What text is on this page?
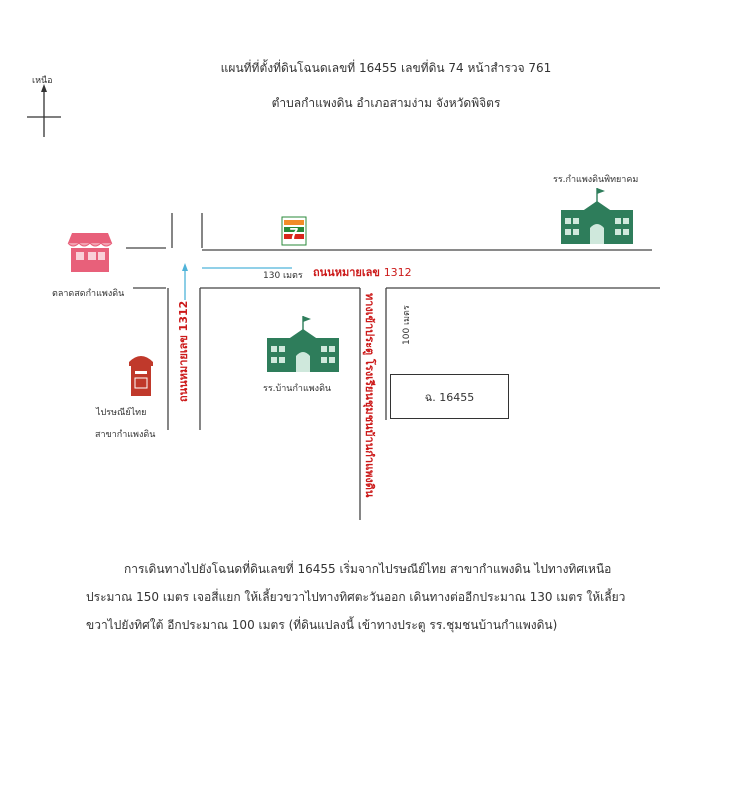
แผนที่ที่ตั้งที่ดินโฉนดเลขที่ 16455 เลขที่ดิน 74 หน้าสำรวจ 761
ตำบลกำแพงดิน อำเภอสามง่าม จังหวัดพิจิตร
7
เหนือ
รร.กำแพงดินพิทยาคม
ตลาดสดกำแพงดิน
ไปรษณีย์ไทย
สาขากำแพงดิน
รร.บ้านกำแพงดิน
130 เมตร
100 เมตร
ถนนหมายเลข 1312
ถนนหมายเลข 1312	ทางเข้าประตู โรงเรียนชุมชนบ้านกำแพงดิน	ฉ. 16455
การเดินทางไปยังโฉนดที่ดินเลขที่ 16455 เริ่มจากไปรษณีย์ไทย สาขากำแพงดิน ไปทางทิศเหนือ
ประมาณ 150 เมตร เจอสี่แยก ให้เลี้ยวขวาไปทางทิศตะวันออก เดินทางต่ออีกประมาณ 130 เมตร ให้เลี้ยว
ขวาไปยังทิศใต้ อีกประมาณ 100 เมตร (ที่ดินแปลงนี้ เข้าทางประตู รร.ชุมชนบ้านกำแพงดิน)
